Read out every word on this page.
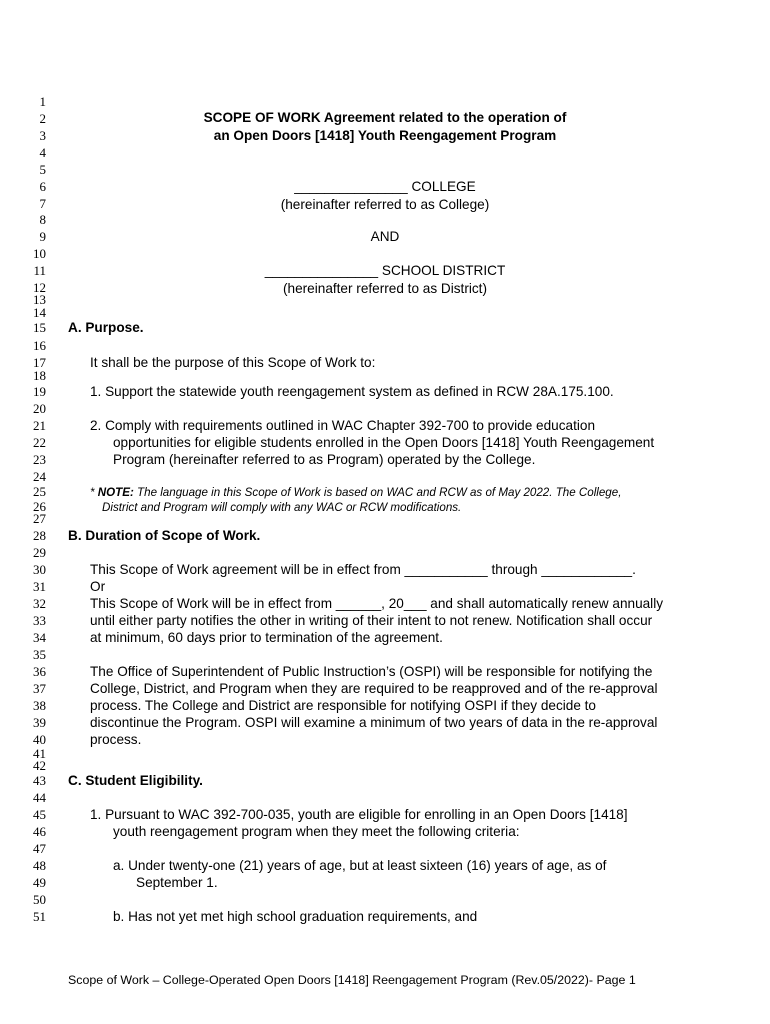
1
2
3
4
5
6
7
8
9
10
11
12
13
14
15
16
17
18
19
20
21
22
23
24
25
26
27
28
29
30
31
32
33
34
35
36
37
38
39
40
41
42
43
44
45
46
47
48
49
50
51
SCOPE OF WORK Agreement related to the operation of
an Open Doors [1418] Youth Reengagement Program
_______________ COLLEGE
(hereinafter referred to as College)
AND
_______________ SCHOOL DISTRICT
(hereinafter referred to as District)
A. Purpose.
It shall be the purpose of this Scope of Work to:
1. Support the statewide youth reengagement system as defined in RCW 28A.175.100.
2. Comply with requirements outlined in WAC Chapter 392-700 to provide education
opportunities for eligible students enrolled in the Open Doors [1418] Youth Reengagement
Program (hereinafter referred to as Program) operated by the College.
* NOTE: The language in this Scope of Work is based on WAC and RCW as of May 2022. The College,
District and Program will comply with any WAC or RCW modifications.
B. Duration of Scope of Work.
This Scope of Work agreement will be in effect from ___________ through ____________.
Or
This Scope of Work will be in effect from ______, 20___ and shall automatically renew annually
until either party notifies the other in writing of their intent to not renew. Notification shall occur
at minimum, 60 days prior to termination of the agreement.
The Office of Superintendent of Public Instruction’s (OSPI) will be responsible for notifying the
College, District, and Program when they are required to be reapproved and of the re-approval
process. The College and District are responsible for notifying OSPI if they decide to
discontinue the Program. OSPI will examine a minimum of two years of data in the re-approval
process.
C. Student Eligibility.
1. Pursuant to WAC 392-700-035, youth are eligible for enrolling in an Open Doors [1418]
youth reengagement program when they meet the following criteria:
a. Under twenty-one (21) years of age, but at least sixteen (16) years of age, as of
September 1.
b. Has not yet met high school graduation requirements, and
Scope of Work – College-Operated Open Doors [1418] Reengagement Program (Rev.05/2022)- Page 1
